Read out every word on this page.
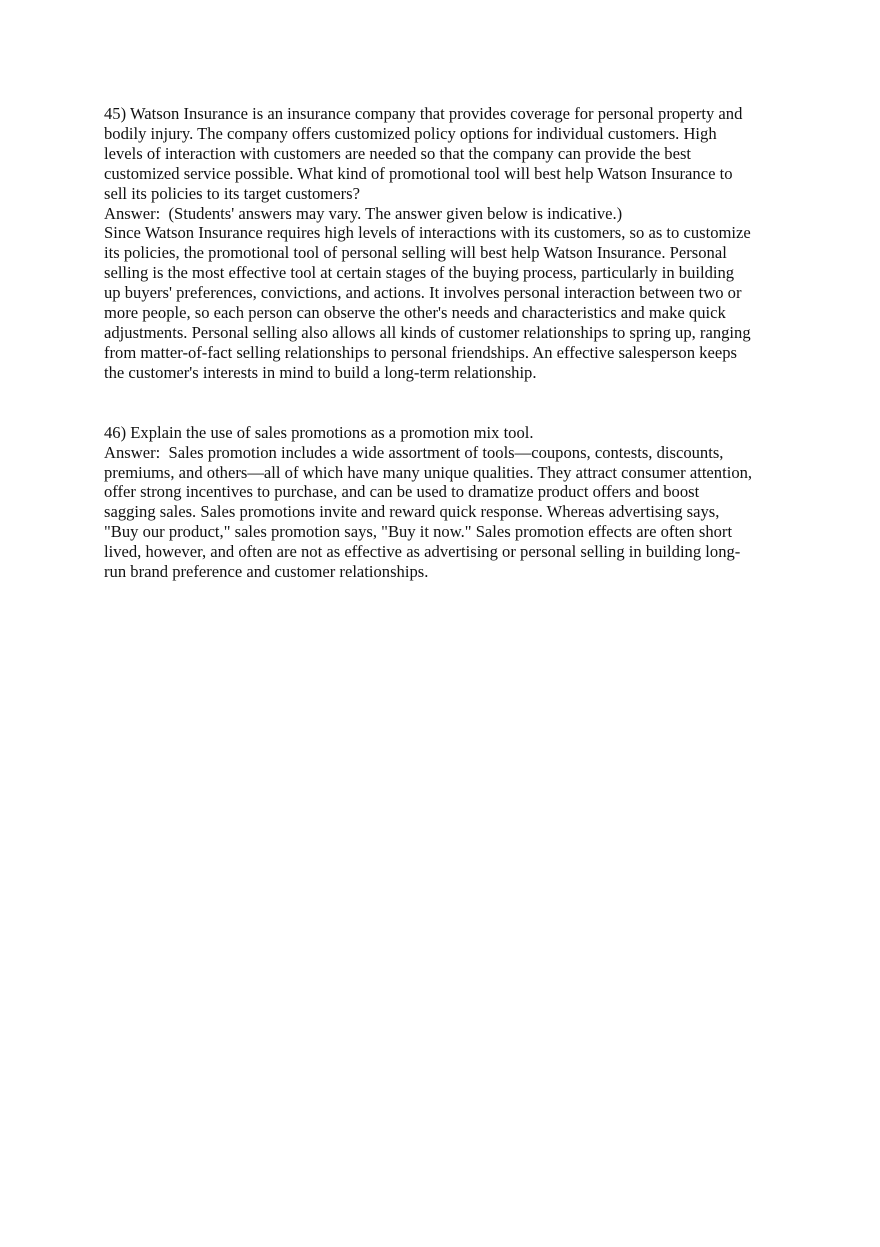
45) Watson Insurance is an insurance company that provides coverage for personal property and
bodily injury. The company offers customized policy options for individual customers. High
levels of interaction with customers are needed so that the company can provide the best
customized service possible. What kind of promotional tool will best help Watson Insurance to
sell its policies to its target customers?
Answer:  (Students' answers may vary. The answer given below is indicative.)
Since Watson Insurance requires high levels of interactions with its customers, so as to customize
its policies, the promotional tool of personal selling will best help Watson Insurance. Personal
selling is the most effective tool at certain stages of the buying process, particularly in building
up buyers' preferences, convictions, and actions. It involves personal interaction between two or
more people, so each person can observe the other's needs and characteristics and make quick
adjustments. Personal selling also allows all kinds of customer relationships to spring up, ranging
from matter-of-fact selling relationships to personal friendships. An effective salesperson keeps
the customer's interests in mind to build a long-term relationship.
46) Explain the use of sales promotions as a promotion mix tool.
Answer:  Sales promotion includes a wide assortment of tools—coupons, contests, discounts,
premiums, and others—all of which have many unique qualities. They attract consumer attention,
offer strong incentives to purchase, and can be used to dramatize product offers and boost
sagging sales. Sales promotions invite and reward quick response. Whereas advertising says,
"Buy our product," sales promotion says, "Buy it now." Sales promotion effects are often short
lived, however, and often are not as effective as advertising or personal selling in building long-
run brand preference and customer relationships.
